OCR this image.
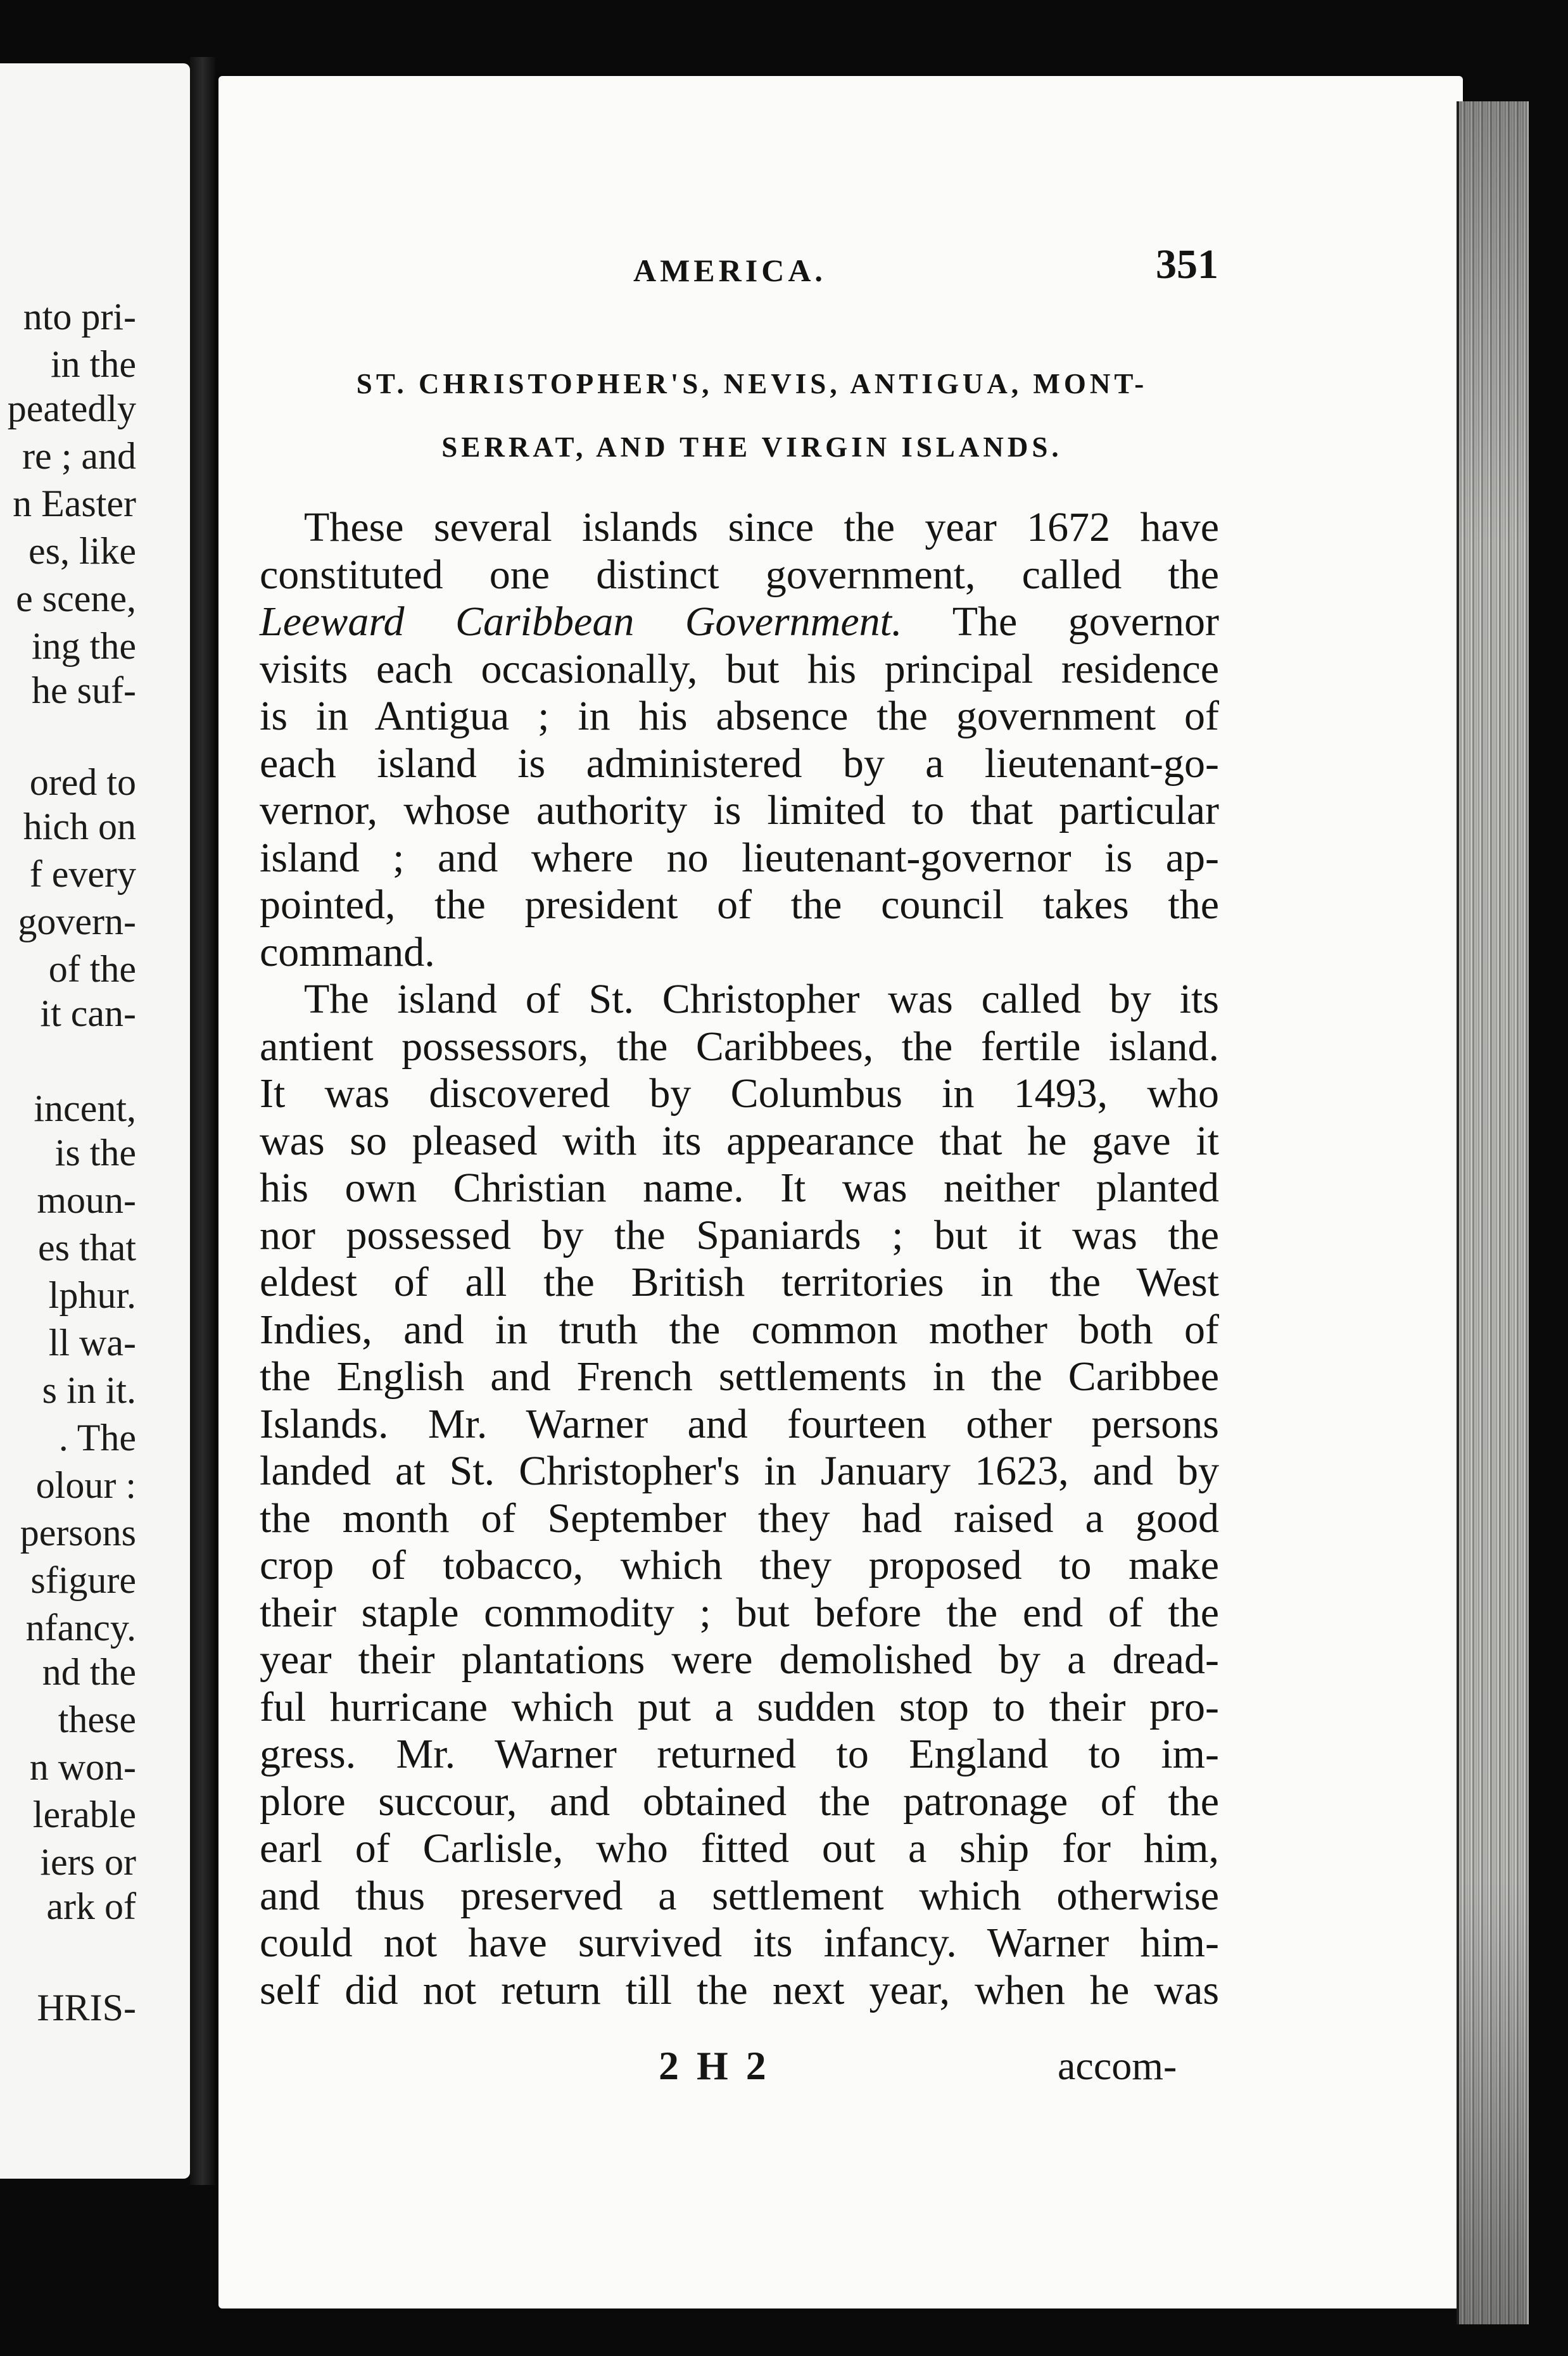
nto pri-
in the
peatedly
re ; and
n Easter
es, like
e scene,
ing the
he suf-
ored to
hich on
f every
govern-
of the
it can-
incent,
is the
moun-
es that
lphur.
ll wa-
s in it.
. The
olour :
persons
sfigure
nfancy.
nd the
these
n won-
lerable
iers or
ark of
HRIS-
AMERICA.	351
ST. CHRISTOPHER'S, NEVIS, ANTIGUA, MONT-
SERRAT, AND THE VIRGIN ISLANDS.
These several islands since the year 1672 have
constituted one distinct government, called the
Leeward Caribbean Government. The governor
visits each occasionally, but his principal residence
is in Antigua ; in his absence the government of
each island is administered by a lieutenant-go-
vernor, whose authority is limited to that particular
island ; and where no lieutenant-governor is ap-
pointed, the president of the council takes the
command.
The island of St. Christopher was called by its
antient possessors, the Caribbees, the fertile island.
It was discovered by Columbus in 1493, who
was so pleased with its appearance that he gave it
his own Christian name. It was neither planted
nor possessed by the Spaniards ; but it was the
eldest of all the British territories in the West
Indies, and in truth the common mother both of
the English and French settlements in the Caribbee
Islands. Mr. Warner and fourteen other persons
landed at St. Christopher's in January 1623, and by
the month of September they had raised a good
crop of tobacco, which they proposed to make
their staple commodity ; but before the end of the
year their plantations were demolished by a dread-
ful hurricane which put a sudden stop to their pro-
gress. Mr. Warner returned to England to im-
plore succour, and obtained the patronage of the
earl of Carlisle, who fitted out a ship for him,
and thus preserved a settlement which otherwise
could not have survived its infancy. Warner him-
self did not return till the next year, when he was
2 H 2	accom-
